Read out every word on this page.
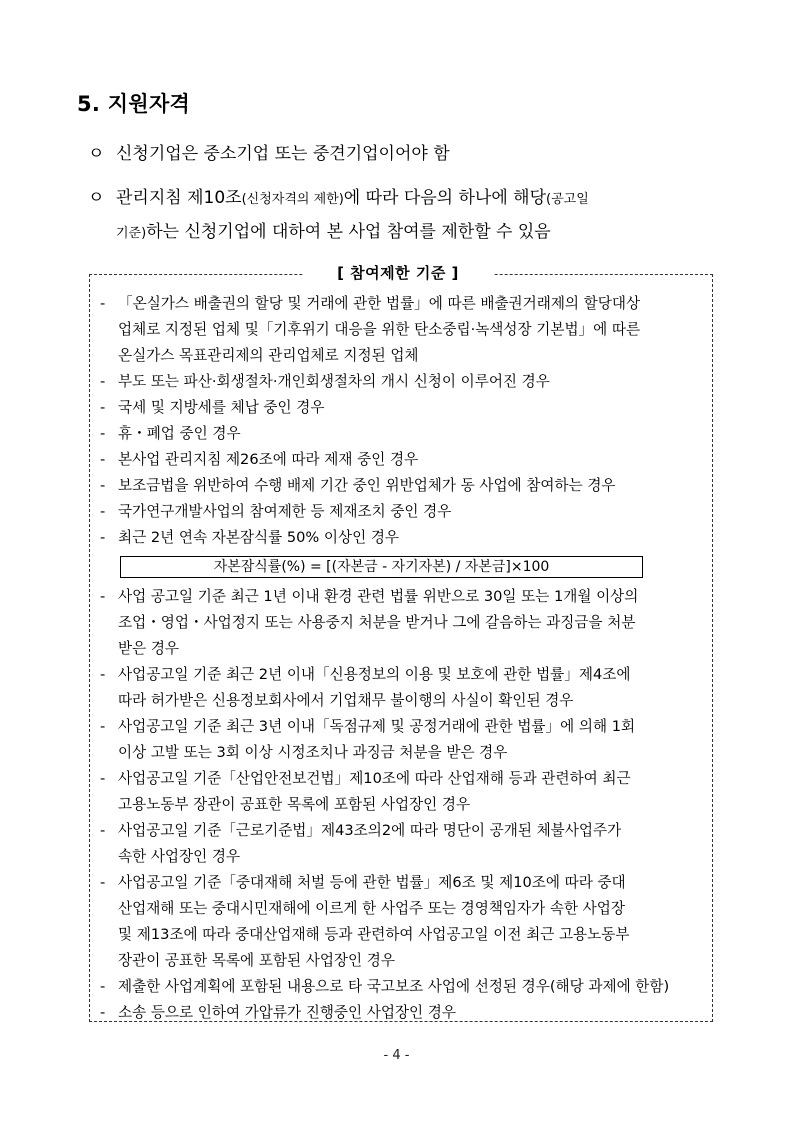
5. 지원자격
ㅇ 신청기업은 중소기업 또는 중견기업이어야 함
ㅇ 관리지침 제10조(신청자격의 제한)에 따라 다음의 하나에 해당(공고일
기준)하는 신청기업에 대하여 본 사업 참여를 제한할 수 있음
[ 참여제한 기준 ]
- 「온실가스 배출권의 할당 및 거래에 관한 법률」에 따른 배출권거래제의 할당대상
업체로 지정된 업체 및「기후위기 대응을 위한 탄소중립·녹색성장 기본법」에 따른
온실가스 목표관리제의 관리업체로 지정된 업체
- 부도 또는 파산·회생절차·개인회생절차의 개시 신청이 이루어진 경우
- 국세 및 지방세를 체납 중인 경우
- 휴・폐업 중인 경우
- 본사업 관리지침 제26조에 따라 제재 중인 경우
- 보조금법을 위반하여 수행 배제 기간 중인 위반업체가 동 사업에 참여하는 경우
- 국가연구개발사업의 참여제한 등 제재조치 중인 경우
- 최근 2년 연속 자본잠식률 50% 이상인 경우
자본잠식률(%) = [(자본금 - 자기자본) / 자본금]×100
- 사업 공고일 기준 최근 1년 이내 환경 관련 법률 위반으로 30일 또는 1개월 이상의
조업・영업・사업정지 또는 사용중지 처분을 받거나 그에 갈음하는 과징금을 처분
받은 경우
- 사업공고일 기준 최근 2년 이내「신용정보의 이용 및 보호에 관한 법률」제4조에
따라 허가받은 신용정보회사에서 기업채무 불이행의 사실이 확인된 경우
- 사업공고일 기준 최근 3년 이내「독점규제 및 공정거래에 관한 법률」에 의해 1회
이상 고발 또는 3회 이상 시정조치나 과징금 처분을 받은 경우
- 사업공고일 기준「산업안전보건법」제10조에 따라 산업재해 등과 관련하여 최근
고용노동부 장관이 공표한 목록에 포함된 사업장인 경우
- 사업공고일 기준「근로기준법」제43조의2에 따라 명단이 공개된 체불사업주가
속한 사업장인 경우
- 사업공고일 기준「중대재해 처벌 등에 관한 법률」제6조 및 제10조에 따라 중대
산업재해 또는 중대시민재해에 이르게 한 사업주 또는 경영책임자가 속한 사업장
및 제13조에 따라 중대산업재해 등과 관련하여 사업공고일 이전 최근 고용노동부
장관이 공표한 목록에 포함된 사업장인 경우
- 제출한 사업계획에 포함된 내용으로 타 국고보조 사업에 선정된 경우(해당 과제에 한함)
- 소송 등으로 인하여 가압류가 진행중인 사업장인 경우
- 4 -
